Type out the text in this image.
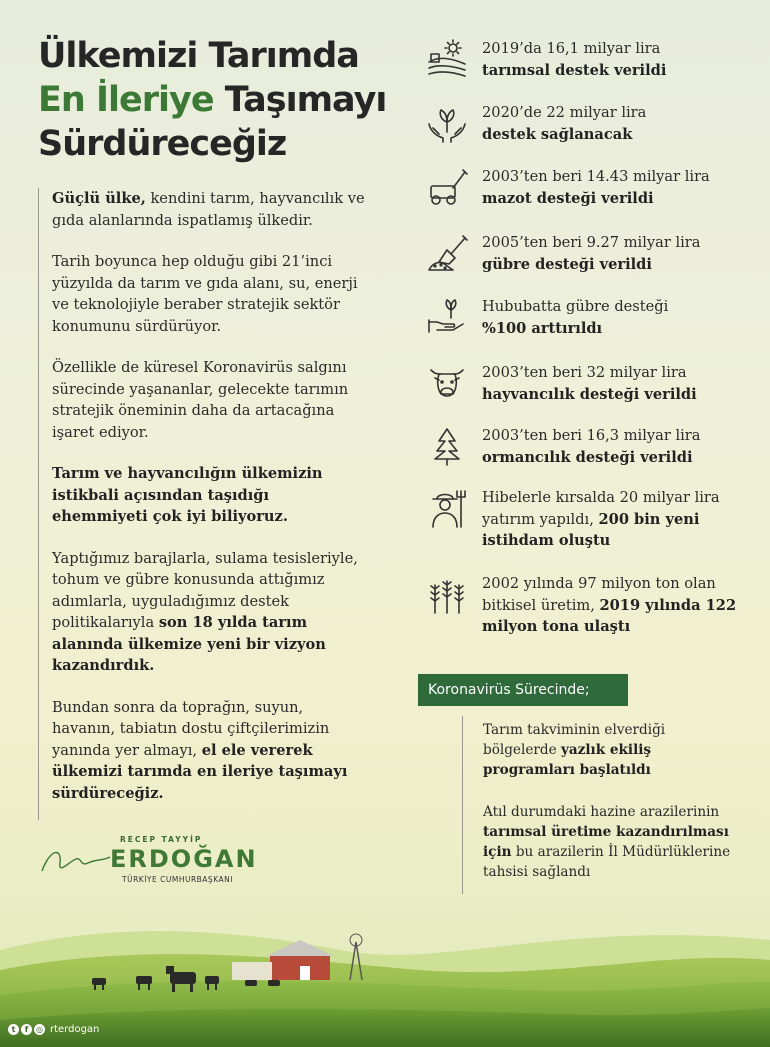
Ülkemizi Tarımda
En İleriye Taşımayı
Sürdüreceğiz

Güçlü ülke, kendini tarım, hayvancılık ve gıda alanlarında ispatlamış ülkedir.

Tarih boyunca hep olduğu gibi 21’inci yüzyılda da tarım ve gıda alanı, su, enerji ve teknolojiyle beraber stratejik sektör konumunu sürdürüyor.

Özellikle de küresel Koronavirüs salgını sürecinde yaşananlar, gelecekte tarımın stratejik öneminin daha da artacağına işaret ediyor.

Tarım ve hayvancılığın ülkemizin istikbali açısından taşıdığı ehemmiyeti çok iyi biliyoruz.

Yaptığımız barajlarla, sulama tesisleriyle, tohum ve gübre konusunda attığımız adımlarla, uyguladığımız destek politikalarıyla son 18 yılda tarım alanında ülkemize yeni bir vizyon kazandırdık.

Bundan sonra da toprağın, suyun, havanın, tabiatın dostu çiftçilerimizin yanında yer almayı, el ele vererek ülkemizi tarımda en ileriye taşımayı sürdüreceğiz.

RECEP TAYYİP
ERDOĞAN
TÜRKİYE CUMHURBAŞKANI
2019’da 16,1 milyar lira
tarımsal destek verildi
2020’de 22 milyar lira
destek sağlanacak
2003’ten beri 14.43 milyar lira
mazot desteği verildi
2005’ten beri 9.27 milyar lira
gübre desteği verildi
Hububatta gübre desteği
%100 arttırıldı
2003’ten beri 32 milyar lira
hayvancılık desteği verildi
2003’ten beri 16,3 milyar lira
ormancılık desteği verildi
Hibelerle kırsalda 20 milyar lira yatırım yapıldı, 200 bin yeni istihdam oluştu
2002 yılında 97 milyon ton olan bitkisel üretim, 2019 yılında 122 milyon tona ulaştı
Koronavirüs Sürecinde;

Tarım takviminin elverdiği bölgelerde yazlık ekiliş programları başlatıldı

Atıl durumdaki hazine arazilerinin tarımsal üretime kazandırılması için bu arazilerin İl Müdürlüklerine tahsisi sağlandı

t	f ◎ rterdogan
